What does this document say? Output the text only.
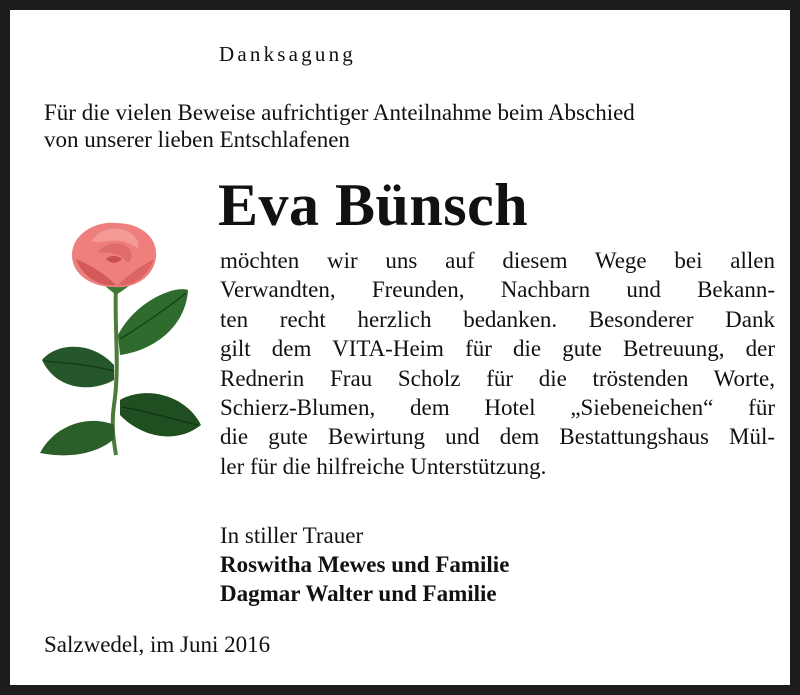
Danksagung
Für die vielen Beweise aufrichtiger Anteilnahme beim Abschied
von unserer lieben Entschlafenen
Eva Bünsch
möchten wir uns auf diesem Wege bei allen
Verwandten, Freunden, Nachbarn und Bekann-
ten recht herzlich bedanken. Besonderer Dank
gilt dem VITA-Heim für die gute Betreuung, der
Rednerin Frau Scholz für die tröstenden Worte,
Schierz-Blumen, dem Hotel „Siebeneichen“ für
die gute Bewirtung und dem Bestattungshaus Mül-
ler für die hilfreiche Unterstützung.
In stiller Trauer
Roswitha Mewes und Familie
Dagmar Walter und Familie
Salzwedel, im Juni 2016
